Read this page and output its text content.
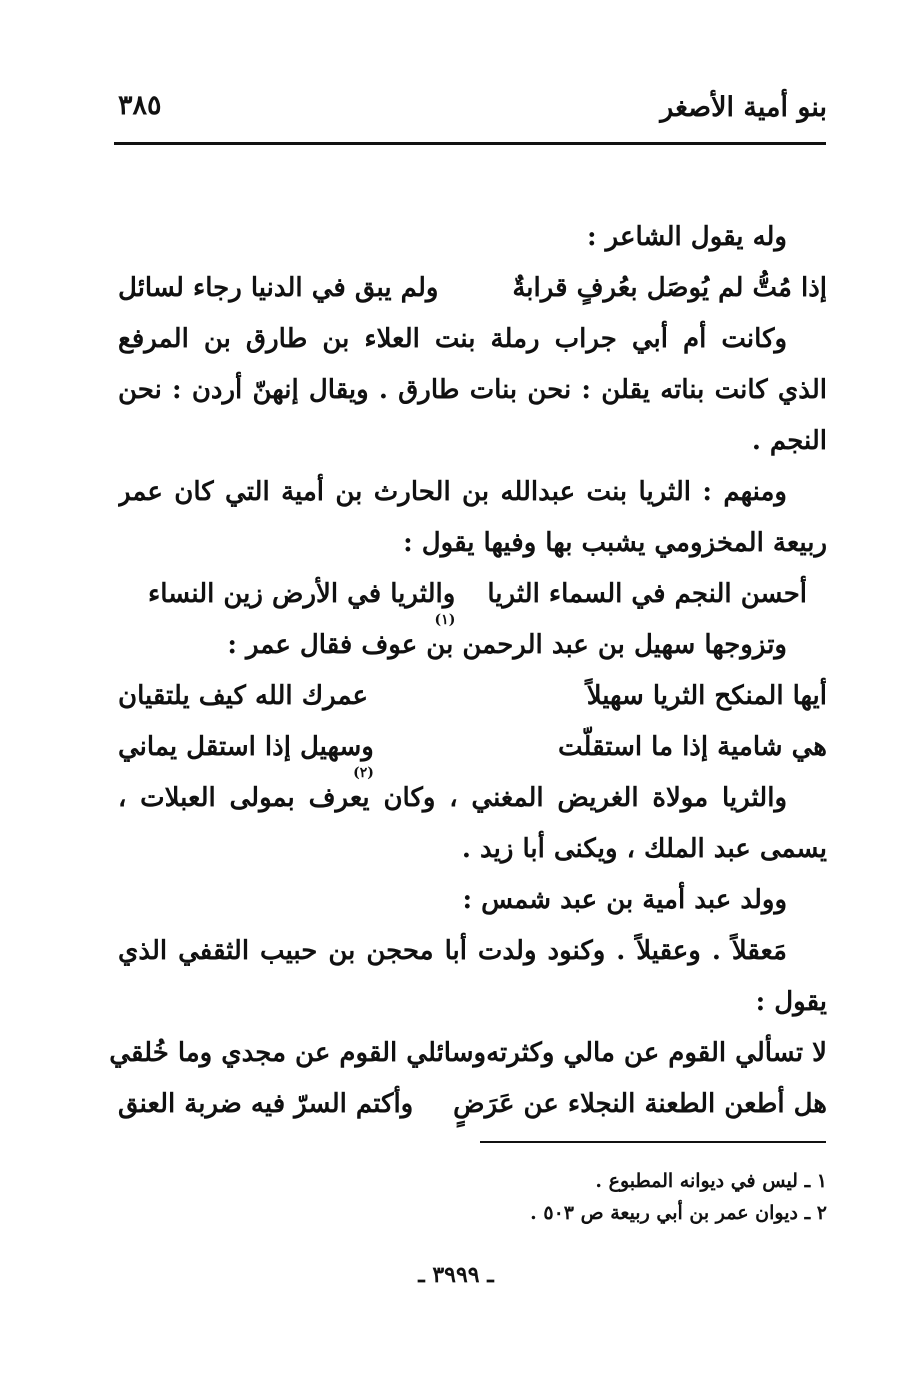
بنو أمية الأصغر
٣٨٥
وله يقول الشاعر :
إذا مُتُّ لم يُوصَل بعُرفٍ قرابةٌ
ولم يبق في الدنيا رجاء لسائل
وكانت أم أبي جراب رملة بنت العلاء بن طارق بن المرفع
الذي كانت بناته يقلن : نحن بنات طارق . ويقال إنهنّ أردن : نحن
النجم .
ومنهم : الثريا بنت عبدالله بن الحارث بن أمية التي كان عمر
ربيعة المخزومي يشبب بها وفيها يقول :
أحسن النجم في السماء الثريا
والثريا في الأرض زين النساء
(١)
وتزوجها سهيل بن عبد الرحمن بن عوف فقال عمر :
أيها المنكح الثريا سهيلاً
عمرك الله كيف يلتقيان
هي شامية إذا ما استقلّت
وسهيل إذا استقل يماني
(٢)
والثريا مولاة الغريض المغني ، وكان يعرف بمولى العبلات ،
يسمى عبد الملك ، ويكنى أبا زيد .
وولد عبد أمية بن عبد شمس :
مَعقلاً . وعقيلاً . وكنود ولدت أبا محجن بن حبيب الثقفي الذي
يقول :
لا تسألي القوم عن مالي وكثرته
وسائلي القوم عن مجدي وما خُلقي
هل أطعن الطعنة النجلاء عن عَرَضٍ
وأكتم السرّ فيه ضربة العنق
١ ـ ليس في ديوانه المطبوع .
٢ ـ ديوان عمر بن أبي ربيعة ص ٥٠٣ .
ـ ٣٩٩٩ ـ
